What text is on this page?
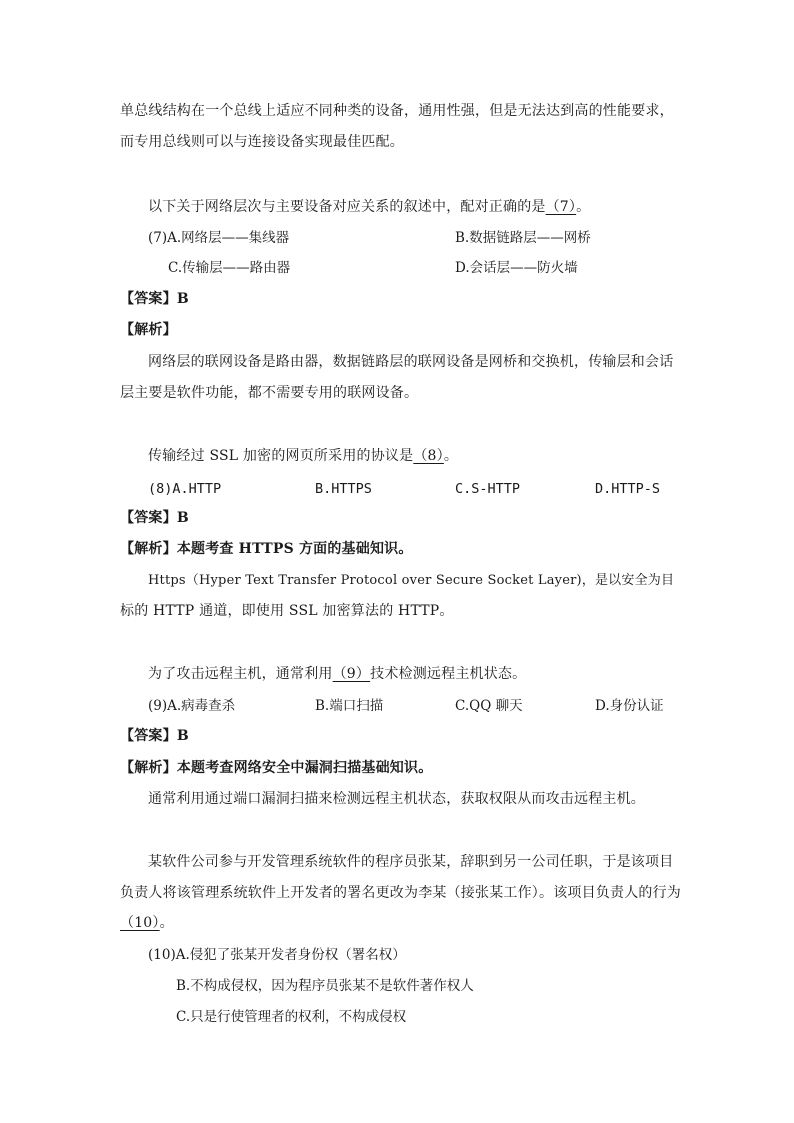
单总线结构在一个总线上适应不同种类的设备，通用性强，但是无法达到高的性能要求，
而专用总线则可以与连接设备实现最佳匹配。
以下关于网络层次与主要设备对应关系的叙述中，配对正确的是（7）。
(7)A.网络层——集线器	B.数据链路层——网桥
C.传输层——路由器	D.会话层——防火墙
【答案】B
【解析】
网络层的联网设备是路由器，数据链路层的联网设备是网桥和交换机，传输层和会话
层主要是软件功能，都不需要专用的联网设备。
传输经过 SSL 加密的网页所采用的协议是（8）。
(8)A.HTTP	B.HTTPS	C.S-HTTP	D.HTTP-S
【答案】B
【解析】本题考查 HTTPS 方面的基础知识。
Https（Hyper Text Transfer Protocol over Secure Socket Layer)，是以安全为目
标的 HTTP 通道，即使用 SSL 加密算法的 HTTP。
为了攻击远程主机，通常利用（9）技术检测远程主机状态。
(9)A.病毒查杀	B.端口扫描	C.QQ 聊天	D.身份认证
【答案】B
【解析】本题考查网络安全中漏洞扫描基础知识。
通常利用通过端口漏洞扫描来检测远程主机状态，获取权限从而攻击远程主机。
某软件公司参与开发管理系统软件的程序员张某，辞职到另一公司任职，于是该项目
负责人将该管理系统软件上开发者的署名更改为李某（接张某工作）。该项目负责人的行为
（10）。
(10)A.侵犯了张某开发者身份权（署名权）
B.不构成侵权，因为程序员张某不是软件著作权人
C.只是行使管理者的权利，不构成侵权
